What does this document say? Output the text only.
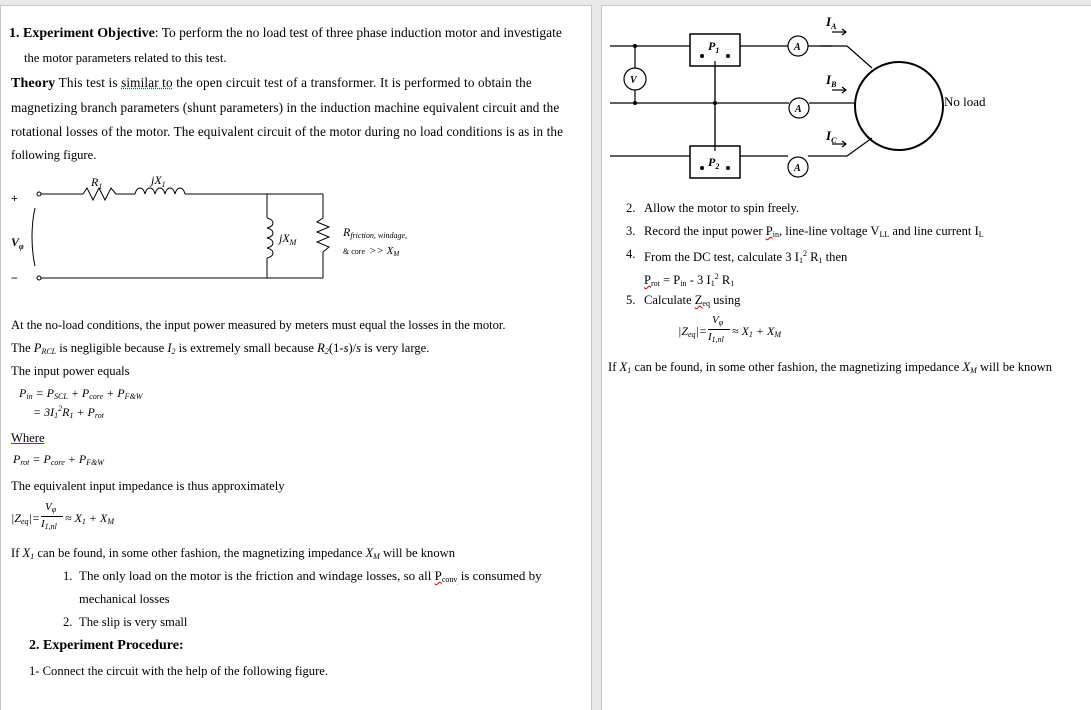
1. Experiment Objective: To perform the no load test of three phase induction motor and investigate
the motor parameters related to this test.
Theory This test is similar to the open circuit test of a transformer. It is performed to obtain the
magnetizing branch parameters (shunt parameters) in the induction machine equivalent circuit and the
rotational losses of the motor. The equivalent circuit of the motor during no load conditions is as in the
following figure.
+
−
$V_\varphi$
$R_1$	$jX_1$
$jX_M$
Rfriction, windage,
& core >> XM
At the no-load conditions, the input power measured by meters must equal the losses in the motor.
The $P_{RCL}$ is negligible because $I_2$ is extremely small because $R_2(1-s)/s$ is very large.
The input power equals
$P_{in} = P_{SCL} + P_{core} + P_{F\&W}$
= $3I_1^2R_1 + P_{rot}$
Where
$P_{rot} = P_{core} + P_{F\&W}$
The equivalent input impedance is thus approximately
$|Z_{eq}|=$
$V_\varphi$
$I_{1,nl}$
≈ $X_1 + X_M$
If $X_1$ can be found, in some other fashion, the magnetizing impedance $X_M$ will be known
1. The only load on the motor is the friction and windage losses, so all $P_{conv}$ is consumed by
mechanical losses
2. The slip is very small
2. Experiment Procedure:
1- Connect the circuit with the help of the following figure.
$I_A$
$I_B$
$I_C$
$P_1$
$P_2$
V
A
A
A
No load
2. Allow the motor to spin freely.
3. Record the input power $P_{in}$, line-line voltage $V_{LL}$ and line current $I_L$
4. From the DC test, calculate 3 $I_1^2$ $R_1$ then
$P_{rot} = P_{in} - 3$ $I_1^2$ $R_1$
5. Calculate $Z_{eq}$ using
$|Z_{eq}|=$
$V_\varphi$
$I_{1,nl}$
≈ $X_1 + X_M$
If $X_1$ can be found, in some other fashion, the magnetizing impedance $X_M$ will be known
